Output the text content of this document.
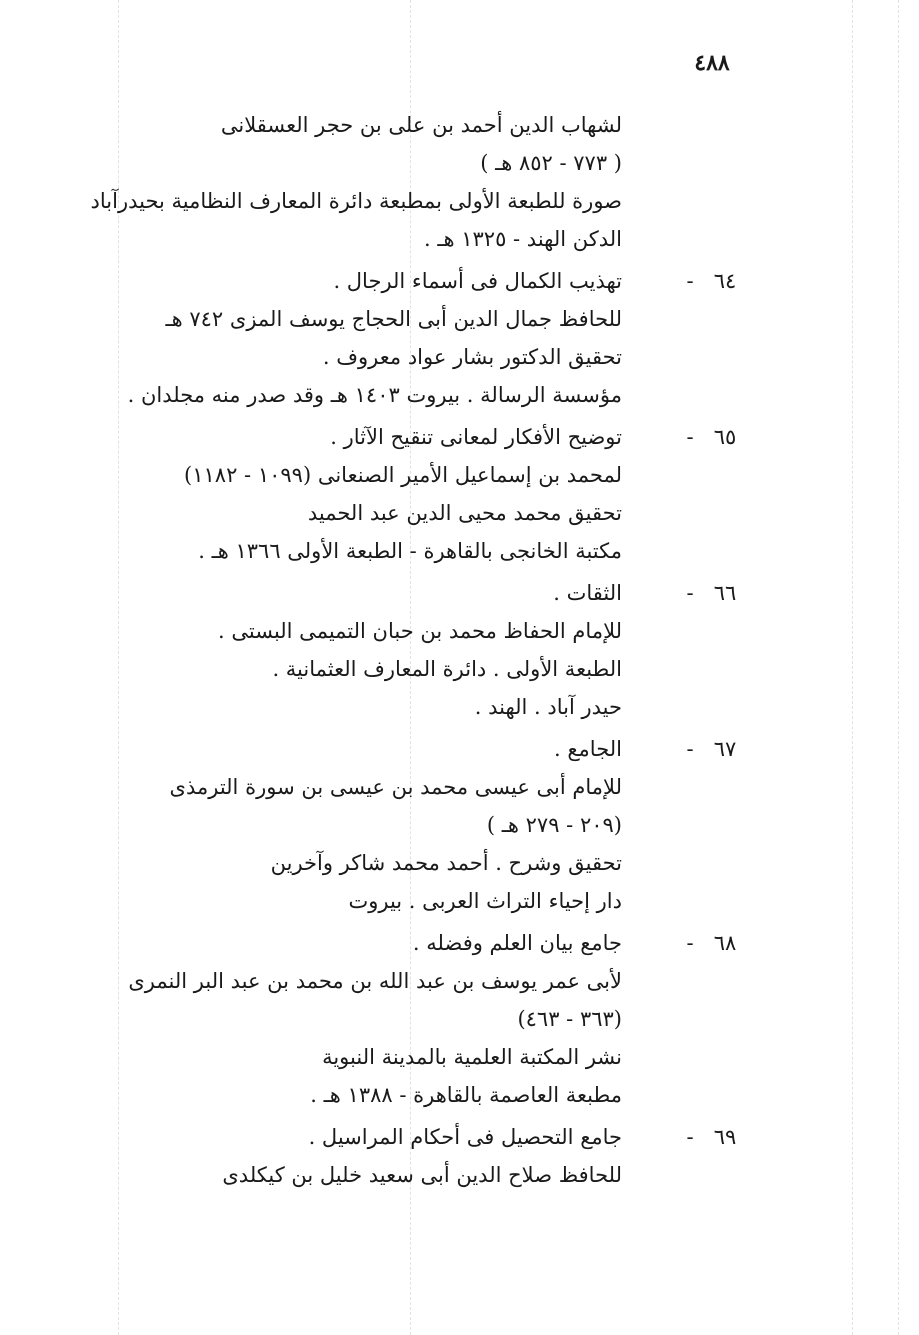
٤٨٨
لشهاب الدين أحمد بن على بن حجر العسقلانى
( ٧٧٣ - ٨٥٢ هـ )
صورة للطبعة الأولى بمطبعة دائرة المعارف النظامية بحيدرآباد
الدكن الهند - ١٣٢٥ هـ .
٦٤
-
تهذيب الكمال فى أسماء الرجال .
للحافظ جمال الدين أبى الحجاج يوسف المزى ٧٤٢ هـ
تحقيق الدكتور بشار عواد معروف .
مؤسسة الرسالة . بيروت ١٤٠٣ هـ وقد صدر منه مجلدان .
٦٥
-
توضيح الأفكار لمعانى تنقيح الآثار .
لمحمد بن إسماعيل الأمير الصنعانى (١٠٩٩ - ١١٨٢)
تحقيق محمد محيى الدين عبد الحميد
مكتبة الخانجى بالقاهرة - الطبعة الأولى ١٣٦٦ هـ .
٦٦
-
الثقات .
للإمام الحفاظ محمد بن حبان التميمى البستى .
الطبعة الأولى . دائرة المعارف العثمانية .
حيدر آباد . الهند .
٦٧
-
الجامع .
للإمام أبى عيسى محمد بن عيسى بن سورة الترمذى
(٢٠٩ - ٢٧٩ هـ )
تحقيق وشرح . أحمد محمد شاكر وآخرين
دار إحياء التراث العربى . بيروت
٦٨
-
جامع بيان العلم وفضله .
لأبى عمر يوسف بن عبد الله بن محمد بن عبد البر النمرى
(٣٦٣ - ٤٦٣)
نشر المكتبة العلمية بالمدينة النبوية
مطبعة العاصمة بالقاهرة - ١٣٨٨ هـ .
٦٩
-
جامع التحصيل فى أحكام المراسيل .
للحافظ صلاح الدين أبى سعيد خليل بن كيكلدى
